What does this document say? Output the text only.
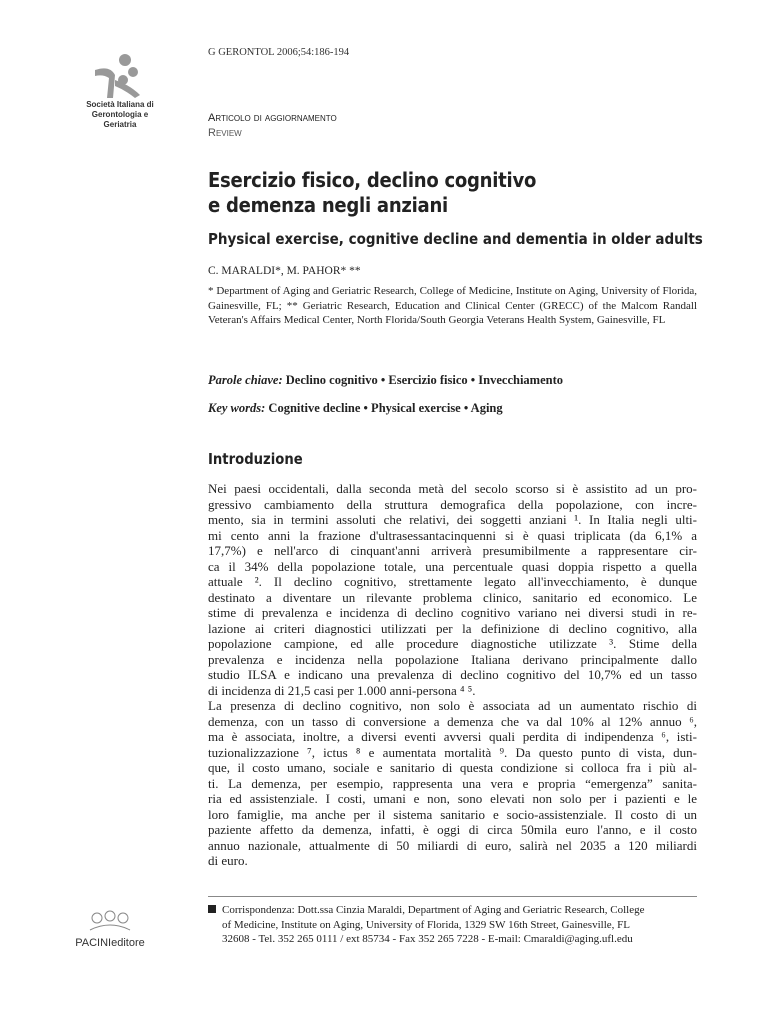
Società Italiana di
Gerontologia e
Geriatria
G GERONTOL 2006;54:186-194
Articolo di aggiornamento
Review
Esercizio fisico, declino cognitivo
e demenza negli anziani
Physical exercise, cognitive decline and dementia in older adults
C. MARALDI*, M. PAHOR* **
* Department of Aging and Geriatric Research, College of Medicine, Institute on Aging, University of Florida, Gainesville, FL; ** Geriatric Research, Education and Clinical Center (GRECC) of the Malcom Randall Veteran's Affairs Medical Center, North Florida/South Georgia Veterans Health System, Gainesville, FL
Parole chiave: Declino cognitivo • Esercizio fisico • Invecchiamento
Key words: Cognitive decline • Physical exercise • Aging
Introduzione
Nei paesi occidentali, dalla seconda metà del secolo scorso si è assistito ad un pro-
gressivo cambiamento della struttura demografica della popolazione, con incre-
mento, sia in termini assoluti che relativi, dei soggetti anziani ¹. In Italia negli ulti-
mi cento anni la frazione d'ultrasessantacinquenni si è quasi triplicata (da 6,1% a
17,7%) e nell'arco di cinquant'anni arriverà presumibilmente a rappresentare cir-
ca il 34% della popolazione totale, una percentuale quasi doppia rispetto a quella
attuale ². Il declino cognitivo, strettamente legato all'invecchiamento, è dunque
destinato a diventare un rilevante problema clinico, sanitario ed economico. Le
stime di prevalenza e incidenza di declino cognitivo variano nei diversi studi in re-
lazione ai criteri diagnostici utilizzati per la definizione di declino cognitivo, alla
popolazione campione, ed alle procedure diagnostiche utilizzate ³. Stime della
prevalenza e incidenza nella popolazione Italiana derivano principalmente dallo
studio ILSA e indicano una prevalenza di declino cognitivo del 10,7% ed un tasso
di incidenza di 21,5 casi per 1.000 anni-persona ⁴ ⁵.
La presenza di declino cognitivo, non solo è associata ad un aumentato rischio di
demenza, con un tasso di conversione a demenza che va dal 10% al 12% annuo ⁶,
ma è associata, inoltre, a diversi eventi avversi quali perdita di indipendenza ⁶, isti-
tuzionalizzazione ⁷, ictus ⁸ e aumentata mortalità ⁹. Da questo punto di vista, dun-
que, il costo umano, sociale e sanitario di questa condizione si colloca fra i più al-
ti. La demenza, per esempio, rappresenta una vera e propria “emergenza” sanita-
ria ed assistenziale. I costi, umani e non, sono elevati non solo per i pazienti e le
loro famiglie, ma anche per il sistema sanitario e socio-assistenziale. Il costo di un
paziente affetto da demenza, infatti, è oggi di circa 50mila euro l'anno, e il costo
annuo nazionale, attualmente di 50 miliardi di euro, salirà nel 2035 a 120 miliardi
di euro.
Corrispondenza: Dott.ssa Cinzia Maraldi, Department of Aging and Geriatric Research, College
of Medicine, Institute on Aging, University of Florida, 1329 SW 16th Street, Gainesville, FL
32608 - Tel. 352 265 0111 / ext 85734 - Fax 352 265 7228 - E-mail: Cmaraldi@aging.ufl.edu
PACINIeditore
